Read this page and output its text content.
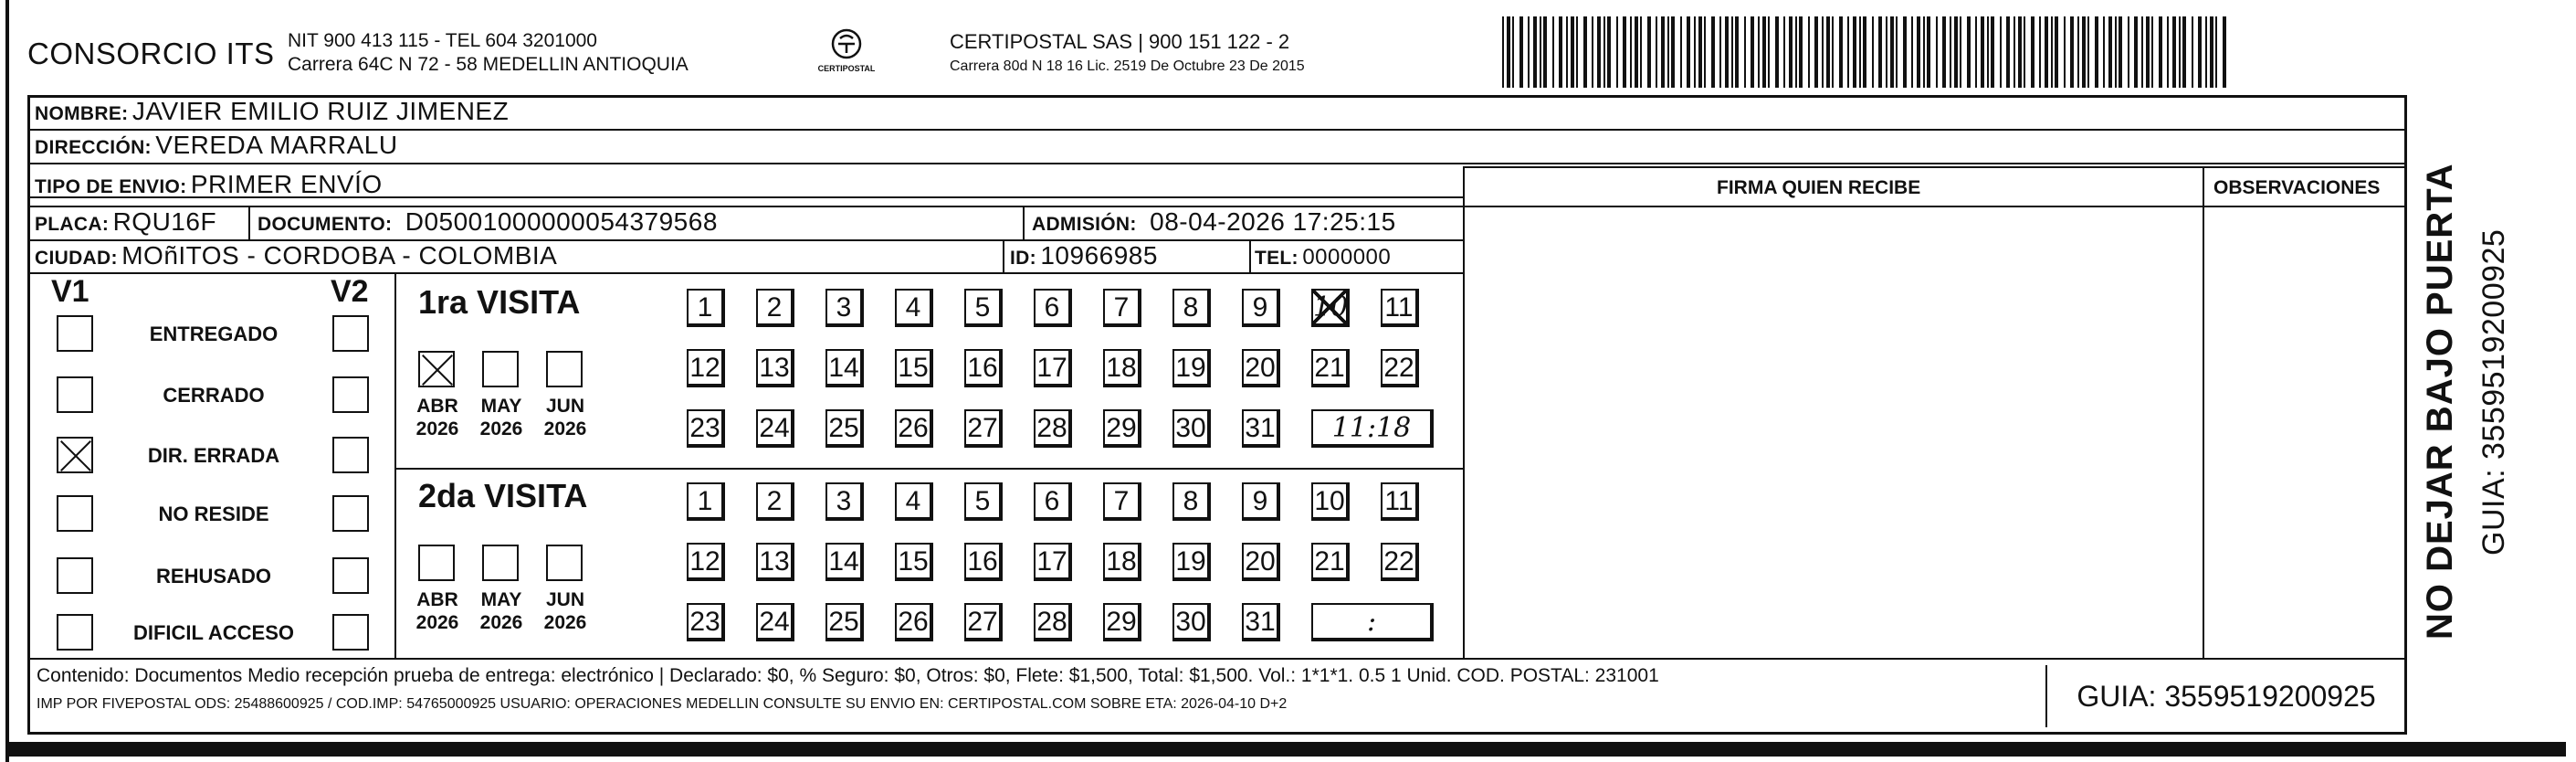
CONSORCIO ITS NIT 900 413 115 - TEL 604 3201000
Carrera 64C N 72 - 58 MEDELLIN ANTIOQUIA	CERTIPOSTAL
CERTIPOSTAL SAS | 900 151 122 - 2
Carrera 80d N 18 16 Lic. 2519 De Octubre 23 De 2015
NOMBRE: JAVIER EMILIO RUIZ JIMENEZ
DIRECCIÓN: VEREDA MARRALU
TIPO DE ENVIO: PRIMER ENVÍO	FIRMA QUIEN RECIBE	OBSERVACIONES
PLACA: RQU16F DOCUMENTO: D05001000000054379568	ADMISIÓN: 08-04-2026 17:25:15
CIUDAD: MOñITOS - CORDOBA - COLOMBIA	ID: 10966985	TEL: 0000000
V1	V2
ENTREGADO
CERRADO
DIR. ERRADA
NO RESIDE
REHUSADO
DIFICIL ACCESO
1ra VISITA
ABR
2026
MAY
2026
JUN
2026
1	2	3	4	5	6	7	8	9	10 11
12 13 14 15 16 17 18 19 20 21 22
23 24 25 26 27 28 29 30 31	11:18
2da VISITA
ABR
2026
MAY
2026
JUN
2026
1	2	3	4	5	6	7	8	9	10 11
12 13 14 15 16 17 18 19 20 21 22
23 24 25 26 27 28 29 30 31	:
Contenido: Documentos Medio recepción prueba de entrega: electrónico | Declarado: $0, % Seguro: $0, Otros: $0, Flete: $1,500, Total: $1,500. Vol.: 1*1*1. 0.5 1 Unid. COD. POSTAL: 231001
IMP POR FIVEPOSTAL ODS: 25488600925 / COD.IMP: 54765000925 USUARIO: OPERACIONES MEDELLIN CONSULTE SU ENVIO EN: CERTIPOSTAL.COM SOBRE ETA: 2026-04-10 D+2	GUIA: 3559519200925
NO DEJAR BAJO PUERTA GUIA: 3559519200925
